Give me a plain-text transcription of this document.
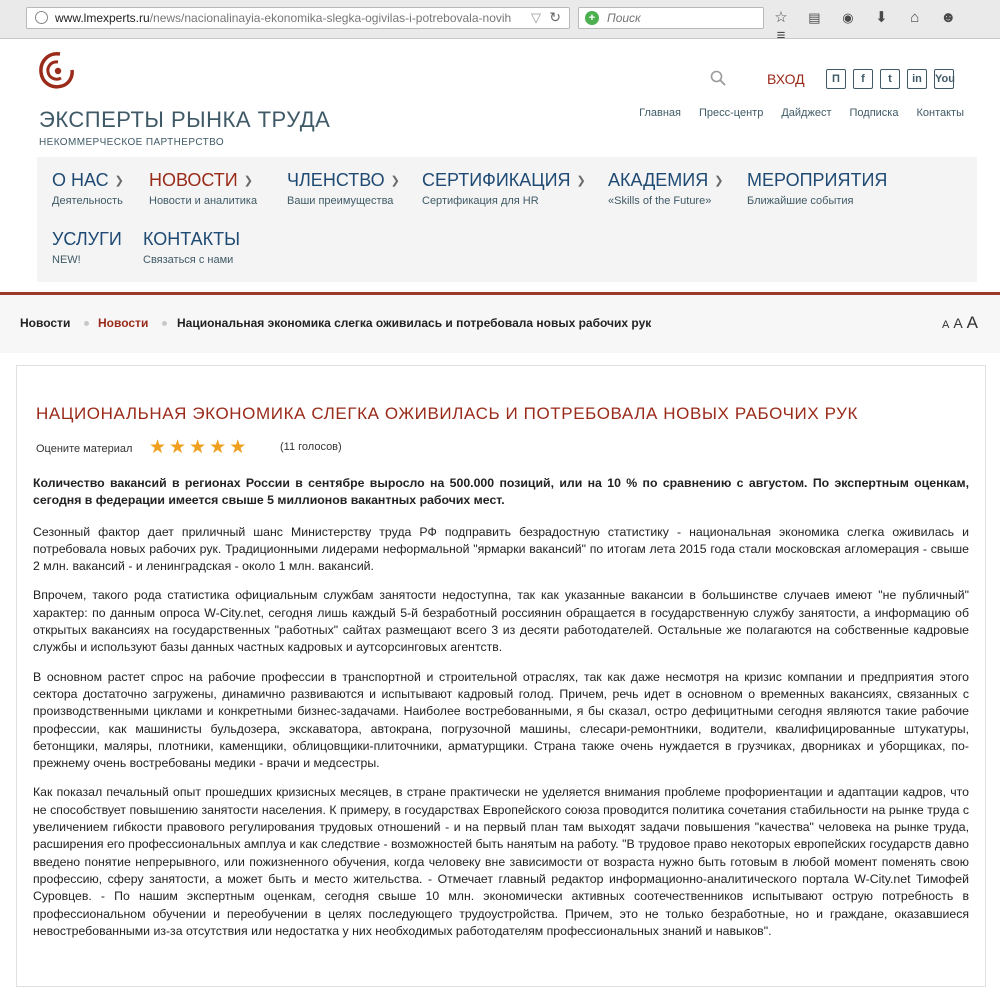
www.lmexperts.ru/news/nacionalinayia-ekonomika-slegka-ogivilas-i-potrebovala-novih	▽ ↻	+
Поиск	☆ ▤ ◉ ⬇ ⌂ ☻ ≡
ЭКСПЕРТЫ РЫНКА ТРУДА
НЕКОММЕРЧЕСКОЕ ПАРТНЕРСТВО
ВХОД	П f t in You
Главная Пресс-центр Дайджест Подписка Контакты
О НАС ❯
Деятельность
НОВОСТИ ❯
Новости и аналитика
ЧЛЕНСТВО ❯
Ваши преимущества
СЕРТИФИКАЦИЯ ❯
Сертификация для HR
АКАДЕМИЯ ❯
«Skills of the Future»
МЕРОПРИЯТИЯ
Ближайшие события
УСЛУГИ
NEW!
КОНТАКТЫ
Связаться с нами
Новости Новости Национальная экономика слегка оживилась и потребовала новых рабочих рук	A A A
НАЦИОНАЛЬНАЯ ЭКОНОМИКА СЛЕГКА ОЖИВИЛАСЬ И ПОТРЕБОВАЛА НОВЫХ РАБОЧИХ РУК
Оцените материал ★ ★ ★ ★ ★	(11 голосов)

Количество вакансий в регионах России в сентябре выросло на 500.000 позиций, или на 10 % по сравнению с августом. По экспертным оценкам, сегодня в федерации имеется свыше 5 миллионов вакантных рабочих мест.

Сезонный фактор дает приличный шанс Министерству труда РФ подправить безрадостную статистику - национальная экономика слегка оживилась и потребовала новых рабочих рук. Традиционными лидерами неформальной "ярмарки вакансий" по итогам лета 2015 года стали московская агломерация - свыше 2 млн. вакансий - и ленинградская - около 1 млн. вакансий.

Впрочем, такого рода статистика официальным службам занятости недоступна, так как указанные вакансии в большинстве случаев имеют "не публичный" характер: по данным опроса W-City.net, сегодня лишь каждый 5-й безработный россиянин обращается в государственную службу занятости, а информацию об открытых вакансиях на государственных "работных" сайтах размещают всего 3 из десяти работодателей. Остальные же полагаются на собственные кадровые службы и используют базы данных частных кадровых и аутсорсинговых агентств.

В основном растет спрос на рабочие профессии в транспортной и строительной отраслях, так как даже несмотря на кризис компании и предприятия этого сектора достаточно загружены, динамично развиваются и испытывают кадровый голод. Причем, речь идет в основном о временных вакансиях, связанных с производственными циклами и конкретными бизнес-задачами. Наиболее востребованными, я бы сказал, остро дефицитными сегодня являются такие рабочие профессии, как машинисты бульдозера, экскаватора, автокрана, погрузочной машины, слесари-ремонтники, водители, квалифицированные штукатуры, бетонщики, маляры, плотники, каменщики, облицовщики-плиточники, арматурщики. Страна также очень нуждается в грузчиках, дворниках и уборщиках, по-прежнему очень востребованы медики - врачи и медсестры.

Как показал печальный опыт прошедших кризисных месяцев, в стране практически не уделяется внимания проблеме профориентации и адаптации кадров, что не способствует повышению занятости населения. К примеру, в государствах Европейского союза проводится политика сочетания стабильности на рынке труда с увеличением гибкости правового регулирования трудовых отношений - и на первый план там выходят задачи повышения "качества" человека на рынке труда, расширения его профессиональных амплуа и как следствие - возможностей быть нанятым на работу. "В трудовое право некоторых европейских государств давно введено понятие непрерывного, или пожизненного обучения, когда человеку вне зависимости от возраста нужно быть готовым в любой момент поменять свою профессию, сферу занятости, а может быть и место жительства. - Отмечает главный редактор информационно-аналитического портала W-City.net Тимофей Суровцев. - По нашим экспертным оценкам, сегодня свыше 10 млн. экономически активных соотечественников испытывают острую потребность в профессиональном обучении и переобучении в целях последующего трудоустройства. Причем, это не только безработные, но и граждане, оказавшиеся невостребованными из-за отсутствия или недостатка у них необходимых работодателям профессиональных знаний и навыков".
